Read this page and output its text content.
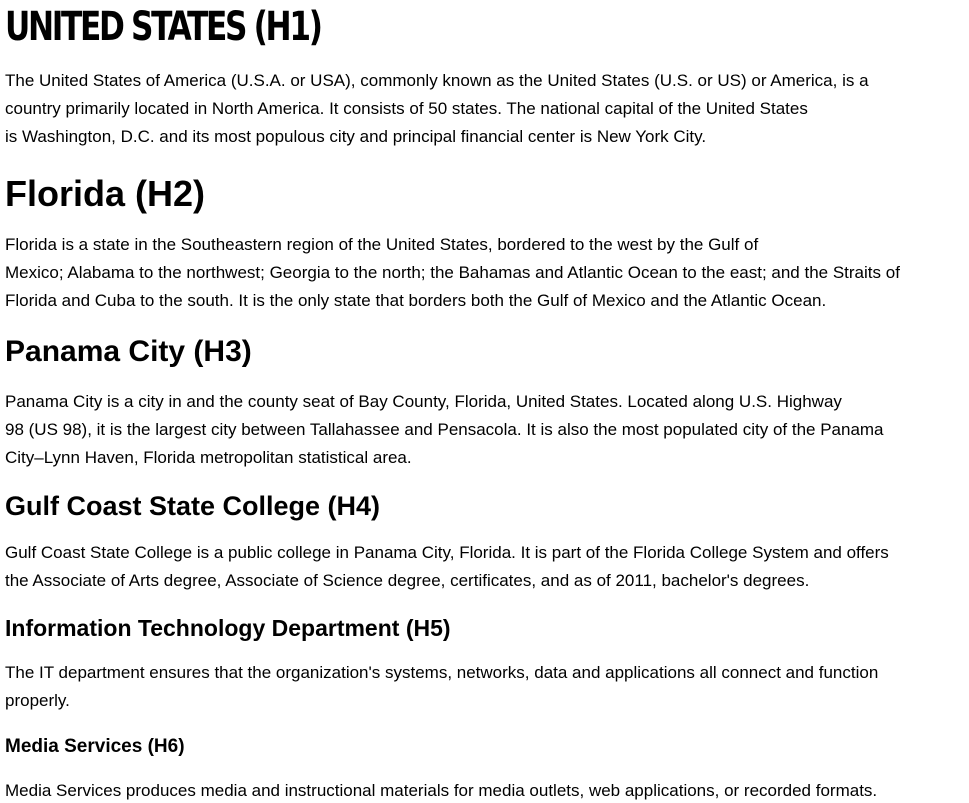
UNITED STATES (H1)
The United States of America (U.S.A. or USA), commonly known as the United States (U.S. or US) or America, is a
country primarily located in North America. It consists of 50 states. The national capital of the United States
is Washington, D.C. and its most populous city and principal financial center is New York City.
Florida (H2)
Florida is a state in the Southeastern region of the United States, bordered to the west by the Gulf of
Mexico; Alabama to the northwest; Georgia to the north; the Bahamas and Atlantic Ocean to the east; and the Straits of
Florida and Cuba to the south. It is the only state that borders both the Gulf of Mexico and the Atlantic Ocean.
Panama City (H3)
Panama City is a city in and the county seat of Bay County, Florida, United States. Located along U.S. Highway
98 (US 98), it is the largest city between Tallahassee and Pensacola. It is also the most populated city of the Panama
City–Lynn Haven, Florida metropolitan statistical area.
Gulf Coast State College (H4)
Gulf Coast State College is a public college in Panama City, Florida. It is part of the Florida College System and offers
the Associate of Arts degree, Associate of Science degree, certificates, and as of 2011, bachelor's degrees.
Information Technology Department (H5)
The IT department ensures that the organization's systems, networks, data and applications all connect and function
properly.
Media Services (H6)
Media Services produces media and instructional materials for media outlets, web applications, or recorded formats.
